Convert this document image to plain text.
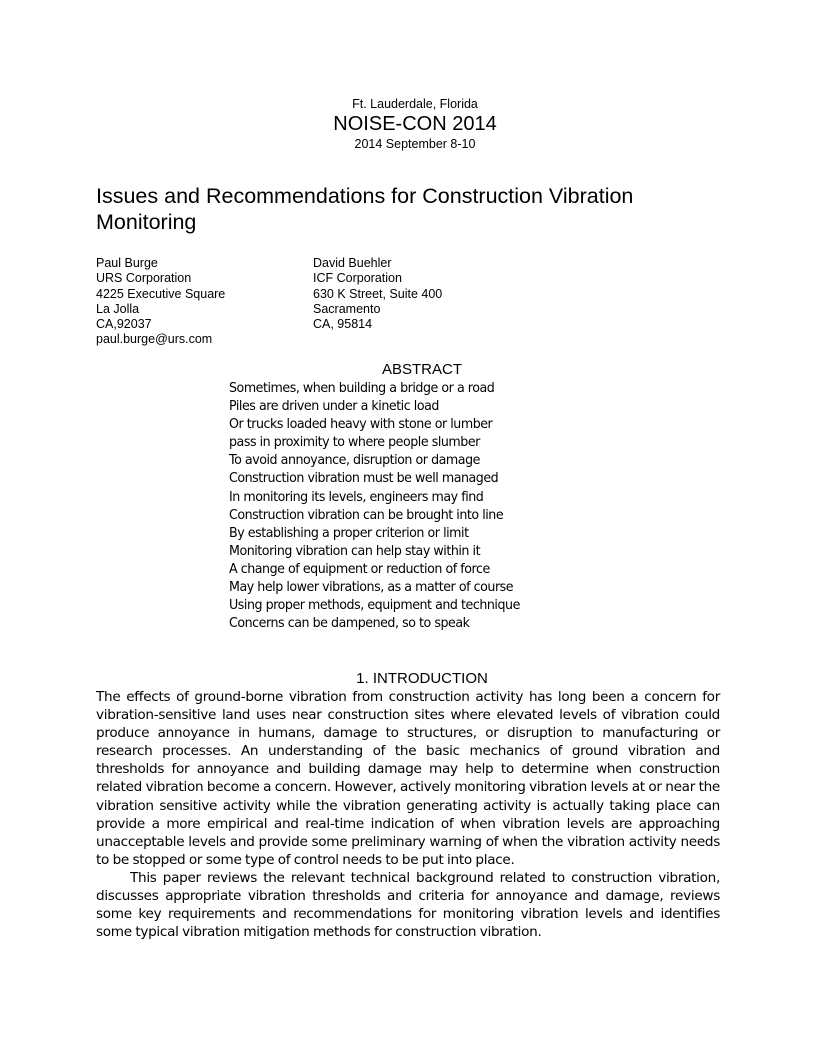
Ft. Lauderdale, Florida
NOISE-CON 2014
2014 September 8-10
Issues and Recommendations for Construction Vibration Monitoring
Paul Burge
URS Corporation
4225 Executive Square
La Jolla
CA,92037
paul.burge@urs.com
David Buehler
ICF Corporation
630 K Street, Suite 400
Sacramento
CA, 95814
ABSTRACT
Sometimes, when building a bridge or a road
Piles are driven under a kinetic load
Or trucks loaded heavy with stone or lumber
pass in proximity to where people slumber
To avoid annoyance, disruption or damage
Construction vibration must be well managed
In monitoring its levels, engineers may find
Construction vibration can be brought into line
By establishing a proper criterion or limit
Monitoring vibration can help stay within it
A change of equipment or reduction of force
May help lower vibrations, as a matter of course
Using proper methods, equipment and technique
Concerns can be dampened, so to speak
1. INTRODUCTION

The effects of ground-borne vibration from construction activity has long been a concern for vibration-sensitive land uses near construction sites where elevated levels of vibration could produce annoyance in humans, damage to structures, or disruption to manufacturing or research processes. An understanding of the basic mechanics of ground vibration and thresholds for annoyance and building damage may help to determine when construction related vibration become a concern. However, actively monitoring vibration levels at or near the vibration sensitive activity while the vibration generating activity is actually taking place can provide a more empirical and real-time indication of when vibration levels are approaching unacceptable levels and provide some preliminary warning of when the vibration activity needs to be stopped or some type of control needs to be put into place.

This paper reviews the relevant technical background related to construction vibration, discusses appropriate vibration thresholds and criteria for annoyance and damage, reviews some key requirements and recommendations for monitoring vibration levels and identifies some typical vibration mitigation methods for construction vibration.
